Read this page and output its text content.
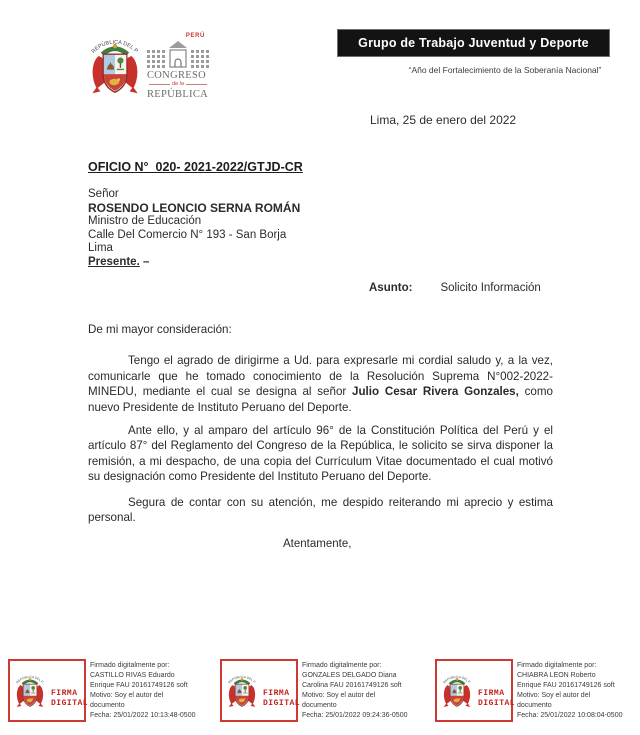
PERÚ
CONGRESO
de la
REPÚBLICA
Grupo de Trabajo Juventud y Deporte
“Año del Fortalecimiento de la Soberanía Nacional”
Lima, 25 de enero del 2022
OFICIO N°  020- 2021-2022/GTJD-CR
Señor
ROSENDO LEONCIO SERNA ROMÁN
Ministro de Educación
Calle Del Comercio N° 193 - San Borja
Lima
Presente. –
Asunto: Solicito Información

De mi mayor consideración:

Tengo el agrado de dirigirme a Ud. para expresarle mi cordial saludo y, a la vez, comunicarle que he tomado conocimiento de la Resolución Suprema N°002-2022-MINEDU, mediante el cual se designa al señor Julio Cesar Rivera Gonzales, como nuevo Presidente de Instituto Peruano del Deporte.

Ante ello, y al amparo del artículo 96° de la Constitución Política del Perú y el artículo 87° del Reglamento del Congreso de la República, le solicito se sirva disponer la remisión, a mi despacho, de una copia del Currículum Vitae documentado el cual motivó su designación como Presidente del Instituto Peruano del Deporte.

Segura de contar con su atención, me despido reiterando mi aprecio y estima personal.

Atentamente,
FIRMA
DIGITAL
Firmado digitalmente por:
CASTILLO RIVAS Eduardo
Enrique FAU 20161749126 soft
Motivo: Soy el autor del
documento
Fecha: 25/01/2022 10:13:48-0500
FIRMA
DIGITAL
Firmado digitalmente por:
GONZALES DELGADO Diana
Carolina FAU 20161749126 soft
Motivo: Soy el autor del
documento
Fecha: 25/01/2022 09:24:36-0500
FIRMA
DIGITAL
Firmado digitalmente por:
CHIABRA LEON Roberto
Enrique FAU 20161749126 soft
Motivo: Soy el autor del
documento
Fecha: 25/01/2022 10:08:04-0500
